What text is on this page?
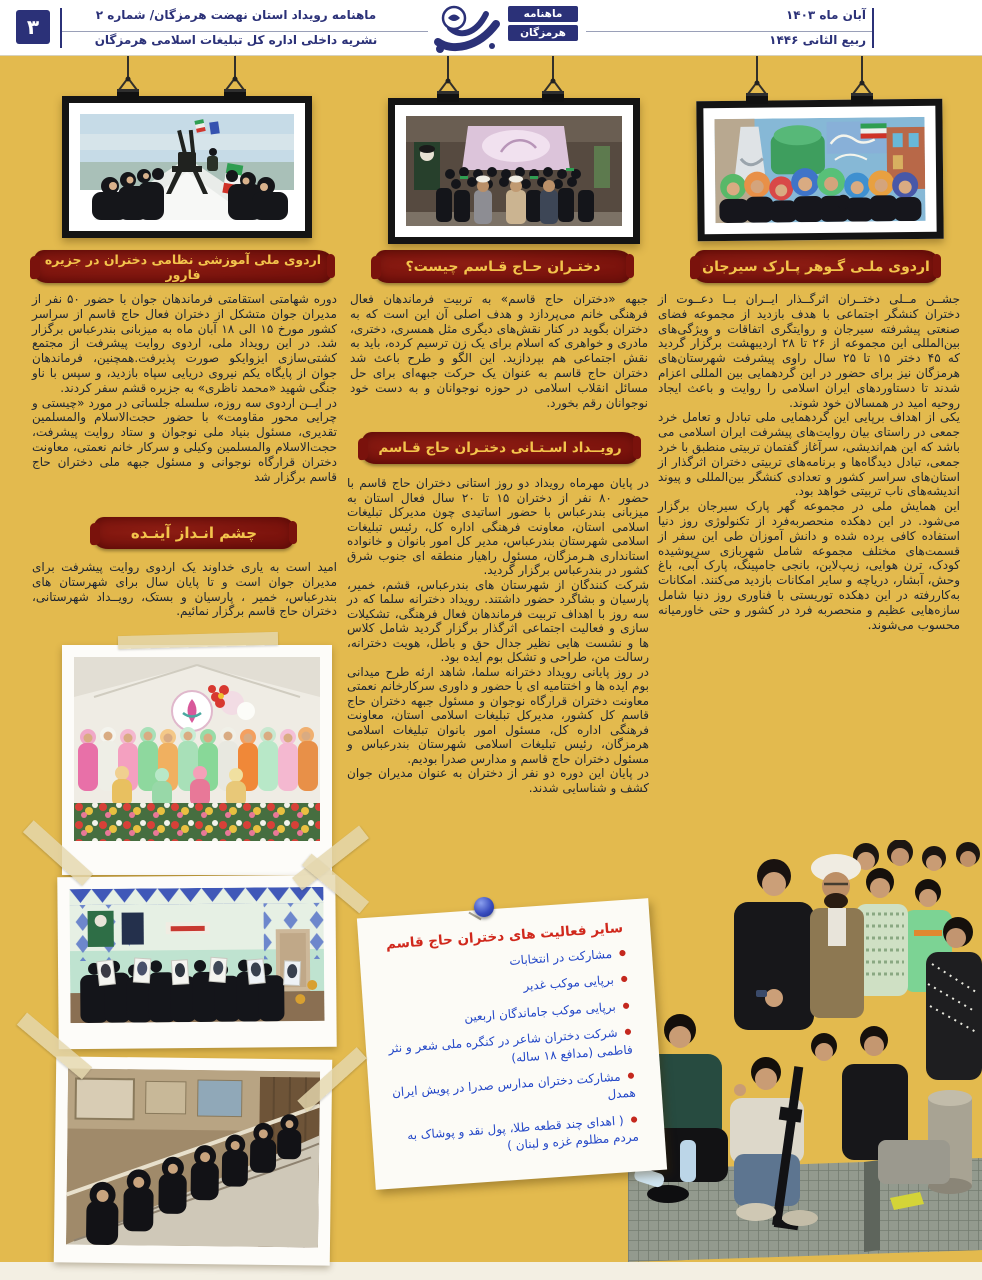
۳	ماهنامه رویداد استان نهضت هرمزگان/ شماره ۲
نشریه داخلی اداره کل تبلیغات اسلامی هرمزگان
ماهنامه
هرمزگان
آبان ماه ۱۴۰۳
ربیع الثانی ۱۴۴۶
اردوی ملی آموزشی نظامی دختران در جزیره فارور	دختـران حـاج قـاسم چیست؟	اردوی ملـی گـوهر پـارک سیرجان

دوره شهامتی استقامتی فرماندهان جوان با حضور ۵۰ نفر از مدیران جوان متشکل از دختران فعال حاج قاسم از سراسر کشور مورخ ۱۵ الی ۱۸ آبان ماه به میزبانی بندرعباس برگزار شد. در این رویداد ملی، اردوی روایت پیشرفت از مجتمع کشتی‌سازی ایزوایکو صورت پذیرفت.همچنین، فرماندهان جوان از پایگاه یکم نیروی دریایی سپاه بازدید، و سپس با ناو جنگی شهید «محمد ناظری» به جزیره قشم سفر کردند.

در ایــن اردوی سه روزه، سلسله جلساتی در مورد «چیستی و چرایی محور مقاومت» با حضور حجت‌الاسلام والمسلمین تقدیری، مسئول بنیاد ملی نوجوان و ستاد روایت پیشرفت، حجت‌الاسلام والمسلمین وکیلی و سرکار خانم نعمتی، معاونت دختران قرارگاه نوجوانی و مسئول جبهه ملی دختران حاج قاسم برگزار شد

چشم انـداز آینـده

امید است به یاری خداوند یک اردوی روایت پیشرفت برای مدیران جوان است و تا پایان سال برای شهرستان های بندرعباس، خمیر ، پارسیان و بستک، رویــداد شهرستانی، دختران حاج قاسم برگزار نمائیم.

جبهه «دختران حاج قاسم» به تربیت فرماندهان فعال فرهنگی خانم می‌پردازد و هدف اصلی آن این است که به دختران بگوید در کنار نقش‌های دیگری مثل همسری، دختری، مادری و خواهری که اسلام برای یک زن ترسیم کرده، باید به نقش اجتماعی هم بپردازید. این الگو و طرح باعث شد دختران حاج قاسم به عنوان یک حرکت جبهه‌ای برای حل مسائل انقلاب اسلامی در حوزه نوجوانان و به دست خود نوجوانان رقم بخورد.

رویــداد اسـتـانی دختـران حاج قـاسم

در پایان مهرماه رویداد دو روز استانی دختران حاج قاسم با حضور ۸۰ نفر از دختران ۱۵ تا ۲۰ سال فعال استان به میزبانی بندرعباس با حضور اساتیدی چون مدیرکل تبلیغات اسلامی استان، معاونت فرهنگی اداره کل، رئیس تبلیغات اسلامی شهرستان بندرعباس، مدیر کل امور بانوان و خانواده استانداری هـرمزگان، مسئول راهیار منطقه ای جنوب شرق کشور در بندرعباس برگزار گردید.

شرکت کنندگان از شهرستان های بندرعباس، قشم، خمیر، پارسیان و بشاگرد حضور داشتند. رویداد دخترانه سلما که در سه روز با اهداف تربیت فرماندهان فعال فرهنگی، تشکیلات سازی و فعالیت اجتماعی اثرگذار برگزار گردید شامل کلاس ها و نشست هایی نظیر جدال حق و باطل، هویت دخترانه، رسالت من، طراحی و تشکل بوم ایده بود.

در روز پایانی رویداد دخترانه سلما، شاهد ارئه طرح میدانی بوم ایده ها و اختتامیه ای با حضور و داوری سرکارخانم نعمتی معاونت دختران قرارگاه نوجوان و مسئول جبهه دختران حاج قاسم کل کشور، مدیرکل تبلیغات اسلامی استان، معاونت فرهنگی اداره کل، مسئول امور بانوان تبلیغات اسلامی هرمزگان، رئیس تبلیغات اسلامی شهرستان بندرعباس و مسئول دختران حاج قاسم و مدارس صدرا بودیم.

در پایان این دوره دو نفر از دختران به عنوان مدیران جوان کشف و شناسایی شدند.

جشــن مــلی دختــران اثرگــذار ایــران بــا دعــوت از دختران کنشگر اجتماعی با هدف بازدید از مجموعه فضای صنعتی پیشرفته سیرجان و روایتگری اتفاقات و ویژگی‌های بین‌المللی این مجموعه از ۲۶ تا ۲۸ اردیبهشت برگزار گردید که ۴۵ دختر ۱۵ تا ۲۵ سال راوی پیشرفت شهرستان‌های هرمزگان نیز برای حضور در این گردهمایی بین المللی اعزام شدند تا دستاوردهای ایران اسلامی را روایت و باعث ایجاد روحیه امید در همسالان خود شوند.

یکی از اهداف برپایی این گردهمایی ملی تبادل و تعامل خرد جمعی در راستای بیان روایت‌های پیشرفت ایران اسلامی می باشد که این هم‌اندیشی، سرآغاز گفتمان تربیتی منطبق با خرد جمعی، تبادل دیدگاه‌ها و برنامه‌های تربیتی دختران اثرگذار از استان‌های سراسر کشور و تعدادی کنشگر بین‌المللی و پیوند اندیشه‌های ناب تربیتی خواهد بود.

این همایش ملی در مجموعه گهر پارک سیرجان برگزار می‌شود. در این دهکده منحصربه‌فرد از تکنولوژی روز دنیا استفاده کافی برده شده و دانش آموزان طی این سفر از قسمت‌های مختلف مجموعه شامل شهربازی سرپوشیده کودک، ترن هوایی، زیپ‌لاین، بانجی جامپینگ، پارک آبی، باغ وحش، آبشار، دریاچه و سایر امکانات بازدید می‌کنند. امکانات به‌کاررفته در این دهکده توریستی با فناوری روز دنیا شامل سازه‌هایی عظیم و منحصربه فرد در کشور و حتی خاورمیانه محسوب می‌شوند.

سایر فعالیت های دختران حاج قاسم
● مشارکت در انتخابات
● برپایی موکب غدیر
● برپایی موکب جاماندگان اربعین
● شرکت دختران شاعر در کنگره ملی شعر و نثر فاطمی (مدافع ۱۸ ساله)
● مشارکت دختران مدارس صدرا در پویش ایران همدل
● ( اهدای چند قطعه طلا، پول نقد و پوشاک به مردم مظلوم غزه و لبنان )
